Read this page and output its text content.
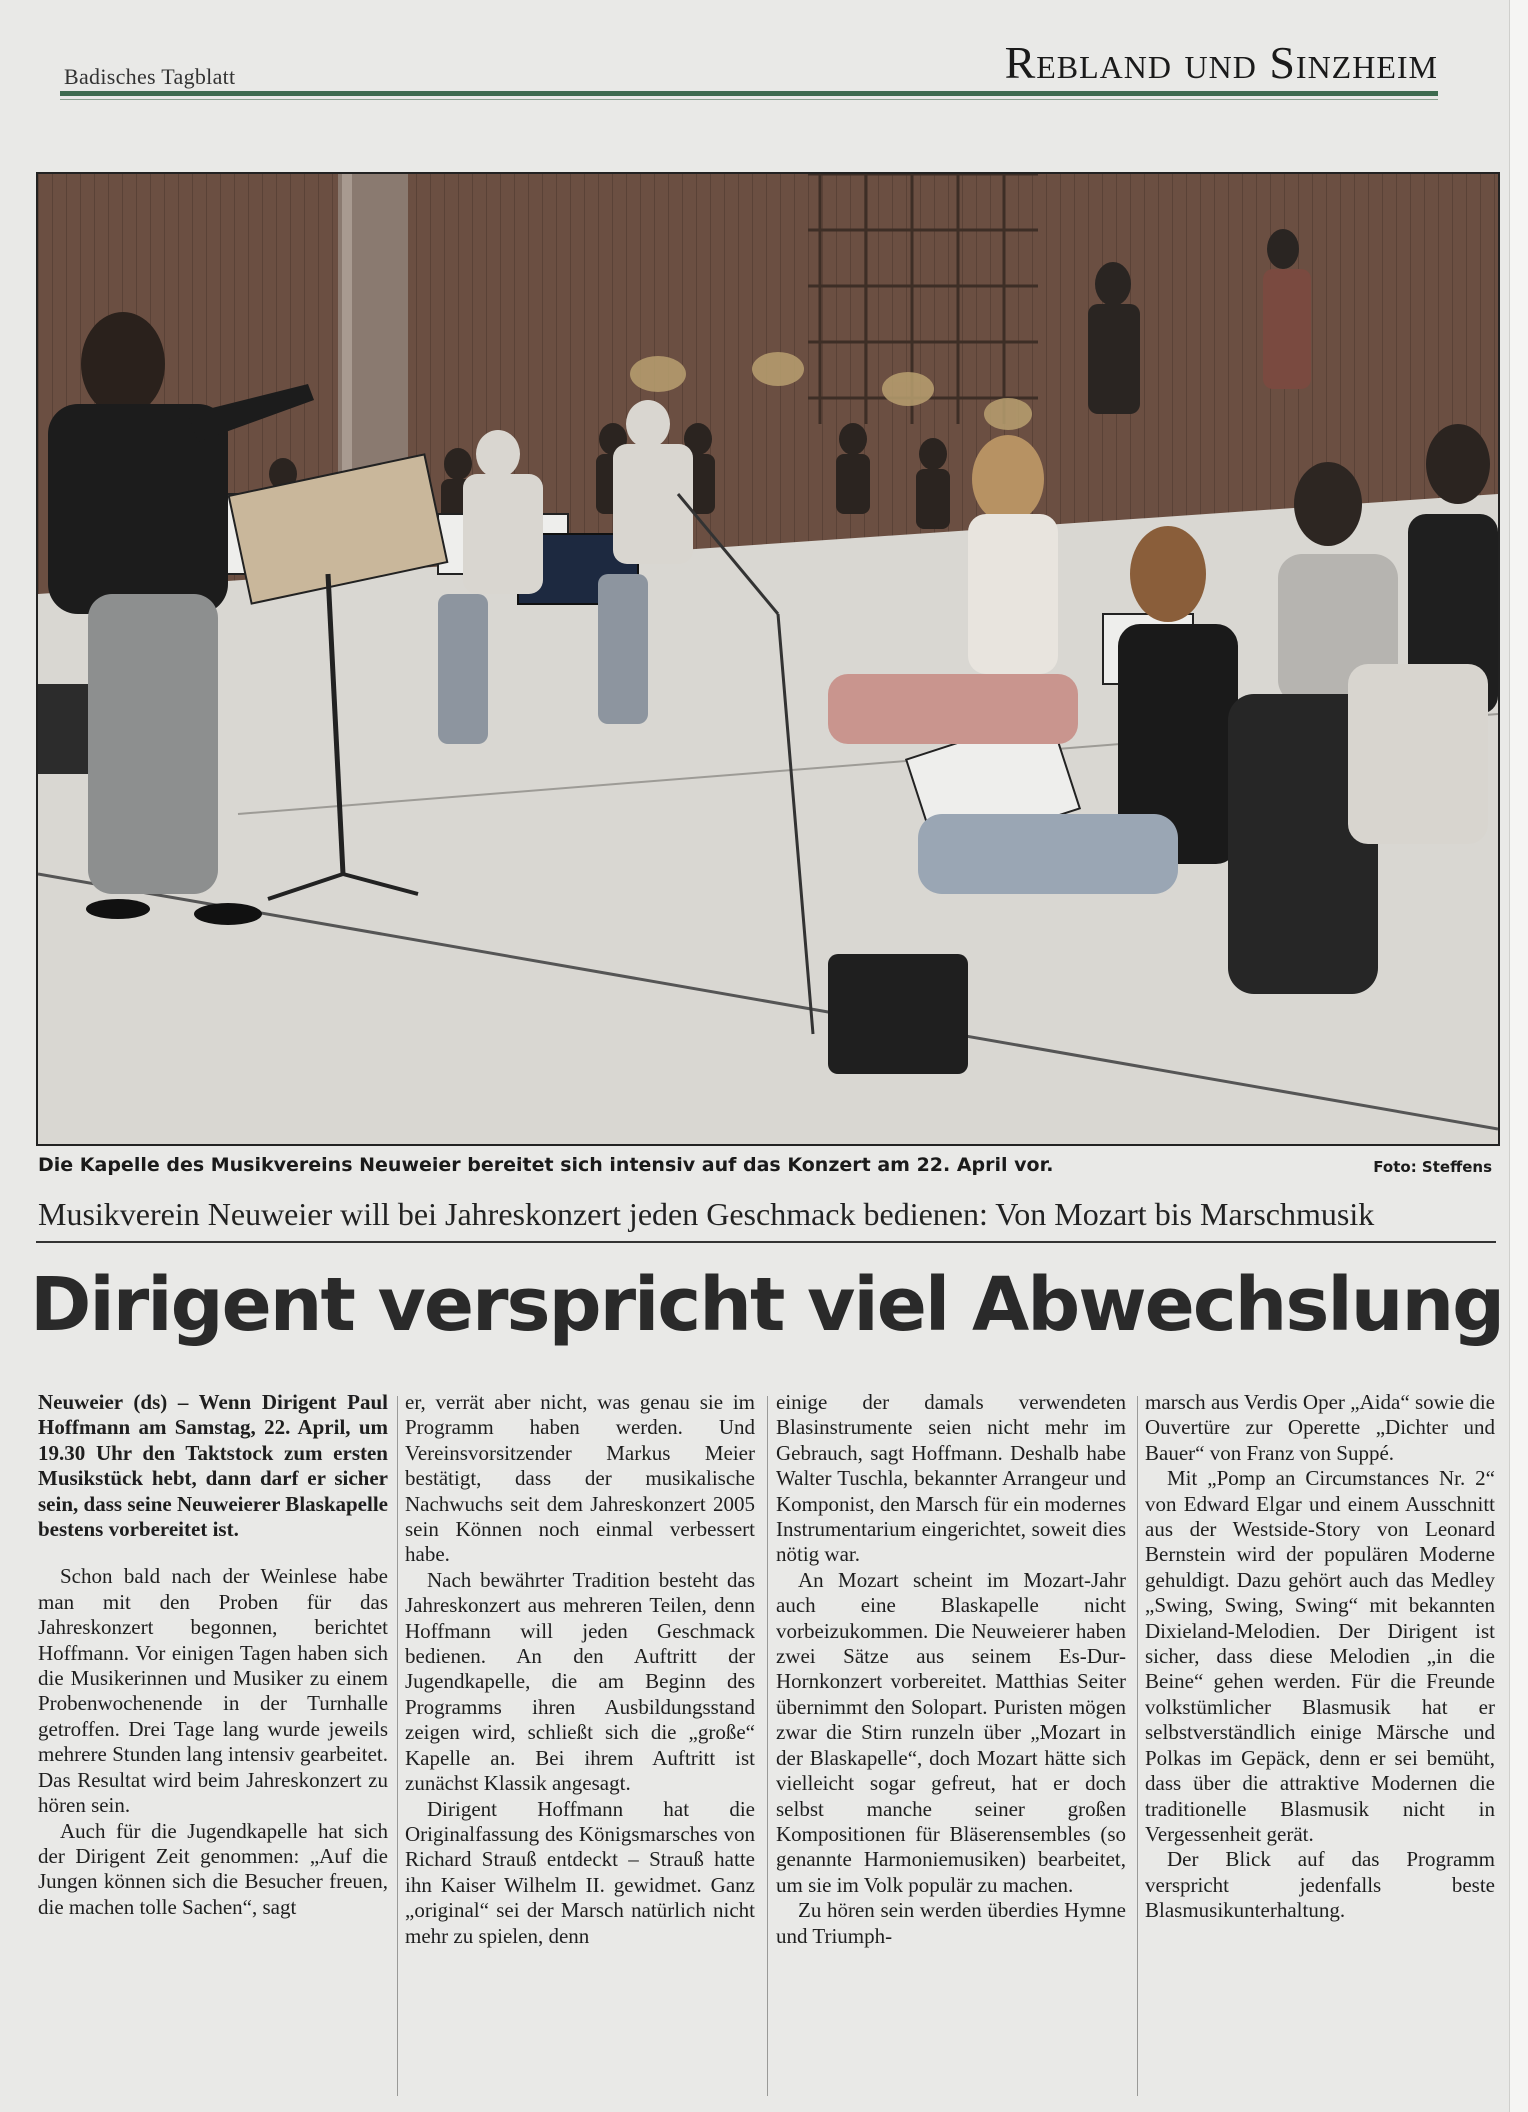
Badisches Tagblatt	Rebland und Sinzheim
Die Kapelle des Musikvereins Neuweier bereitet sich intensiv auf das Konzert am 22. April vor.	Foto: Steffens
Musikverein Neuweier will bei Jahreskonzert jeden Geschmack bedienen: Von Mozart bis Marschmusik
Dirigent verspricht viel Abwechslung

Neuweier (ds) – Wenn Dirigent Paul Hoffmann am Samstag, 22. April, um 19.30 Uhr den Taktstock zum ersten Musikstück hebt, dann darf er sicher sein, dass seine Neuweierer Blaskapelle bestens vorbereitet ist.

Schon bald nach der Weinlese habe man mit den Proben für das Jahreskonzert begonnen, berichtet Hoffmann. Vor einigen Tagen haben sich die Musikerinnen und Musiker zu einem Probenwochenende in der Turnhalle getroffen. Drei Tage lang wurde jeweils mehrere Stunden lang intensiv gearbeitet. Das Resultat wird beim Jahreskonzert zu hören sein.

Auch für die Jugendkapelle hat sich der Dirigent Zeit genommen: „Auf die Jungen können sich die Besucher freuen, die machen tolle Sachen“, sagt

er, verrät aber nicht, was genau sie im Programm haben werden. Und Vereinsvorsitzender Markus Meier bestätigt, dass der musikalische Nachwuchs seit dem Jahreskonzert 2005 sein Können noch einmal verbessert habe.

Nach bewährter Tradition besteht das Jahreskonzert aus mehreren Teilen, denn Hoffmann will jeden Geschmack bedienen. An den Auftritt der Jugendkapelle, die am Beginn des Programms ihren Ausbildungsstand zeigen wird, schließt sich die „große“ Kapelle an. Bei ihrem Auftritt ist zunächst Klassik angesagt.

Dirigent Hoffmann hat die Originalfassung des Königsmarsches von Richard Strauß entdeckt – Strauß hatte ihn Kaiser Wilhelm II. gewidmet. Ganz „original“ sei der Marsch natürlich nicht mehr zu spielen, denn

einige der damals verwendeten Blasinstrumente seien nicht mehr im Gebrauch, sagt Hoffmann. Deshalb habe Walter Tuschla, bekannter Arrangeur und Komponist, den Marsch für ein modernes Instrumentarium eingerichtet, soweit dies nötig war.

An Mozart scheint im Mozart-Jahr auch eine Blaskapelle nicht vorbeizukommen. Die Neuweierer haben zwei Sätze aus seinem Es-Dur-Hornkonzert vorbereitet. Matthias Seiter übernimmt den Solopart. Puristen mögen zwar die Stirn runzeln über „Mozart in der Blaskapelle“, doch Mozart hätte sich vielleicht sogar gefreut, hat er doch selbst manche seiner großen Kompositionen für Bläserensembles (so genannte Harmoniemusiken) bearbeitet, um sie im Volk populär zu machen.

Zu hören sein werden überdies Hymne und Triumph-

marsch aus Verdis Oper „Aida“ sowie die Ouvertüre zur Operette „Dichter und Bauer“ von Franz von Suppé.

Mit „Pomp an Circumstances Nr. 2“ von Edward Elgar und einem Ausschnitt aus der Westside-Story von Leonard Bernstein wird der populären Moderne gehuldigt. Dazu gehört auch das Medley „Swing, Swing, Swing“ mit bekannten Dixieland-Melodien. Der Dirigent ist sicher, dass diese Melodien „in die Beine“ gehen werden. Für die Freunde volkstümlicher Blasmusik hat er selbstverständlich einige Märsche und Polkas im Gepäck, denn er sei bemüht, dass über die attraktive Modernen die traditionelle Blasmusik nicht in Vergessenheit gerät.

Der Blick auf das Programm verspricht jedenfalls beste Blasmusikunterhaltung.
